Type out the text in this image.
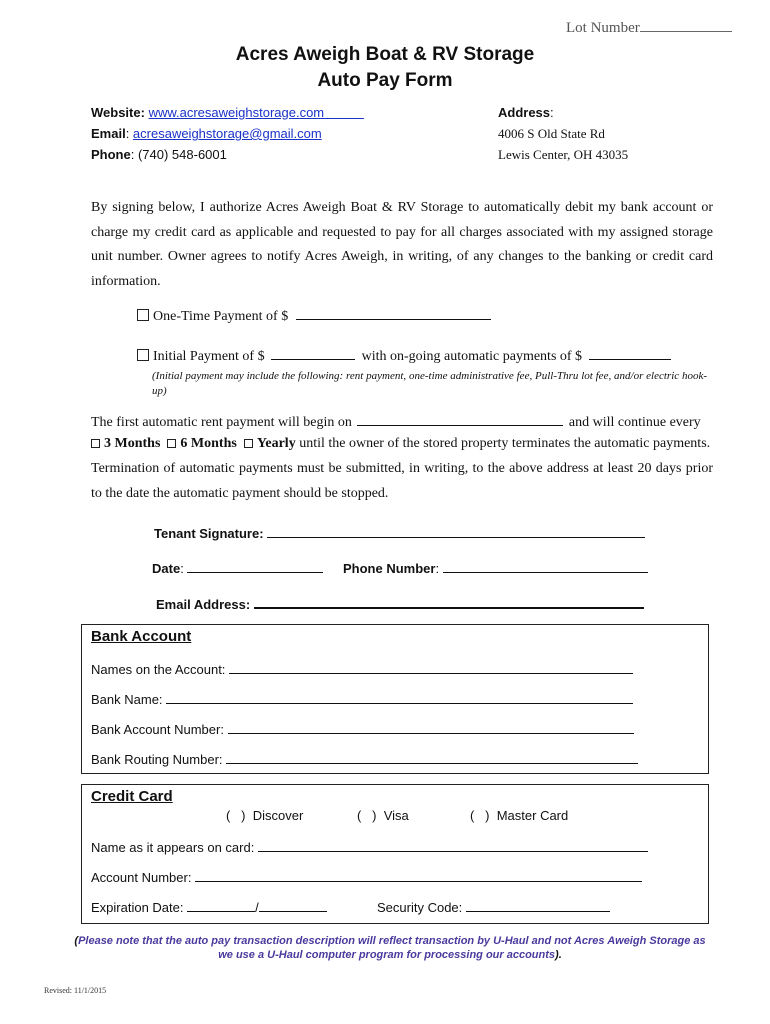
Lot Number
Acres Aweigh Boat & RV Storage
Auto Pay Form
Website: www.acresaweighstorage.com
Email: acresaweighstorage@gmail.com
Phone: (740) 548-6001
Address:
4006 S Old State Rd
Lewis Center, OH 43035
By signing below, I authorize Acres Aweigh Boat & RV Storage to automatically debit my bank account or charge my credit card as applicable and requested to pay for all charges associated with my assigned storage unit number. Owner agrees to notify Acres Aweigh, in writing, of any changes to the banking or credit card information.
One-Time Payment of $
Initial Payment of $	with on-going automatic payments of $
(Initial payment may include the following: rent payment, one-time administrative fee, Pull-Thru lot fee, and/or electric hook-up)
The first automatic rent payment will begin on	and will continue every
3 Months 6 Months Yearly until the owner of the stored property terminates the automatic payments.
Termination of automatic payments must be submitted, in writing, to the above address at least 20 days prior to the date the automatic payment should be stopped.
Tenant Signature:
Date:	Phone Number:
Email Address:
Bank Account
Names on the Account:
Bank Name:
Bank Account Number:
Bank Routing Number:
Credit Card
(   )  Discover	(   )  Visa	(   )  Master Card
Name as it appears on card:
Account Number:
Expiration Date:	/	Security Code:
(Please note that the auto pay transaction description will reflect transaction by U-Haul and not Acres Aweigh Storage as we use a U-Haul computer program for processing our accounts).
Revised: 11/1/2015
